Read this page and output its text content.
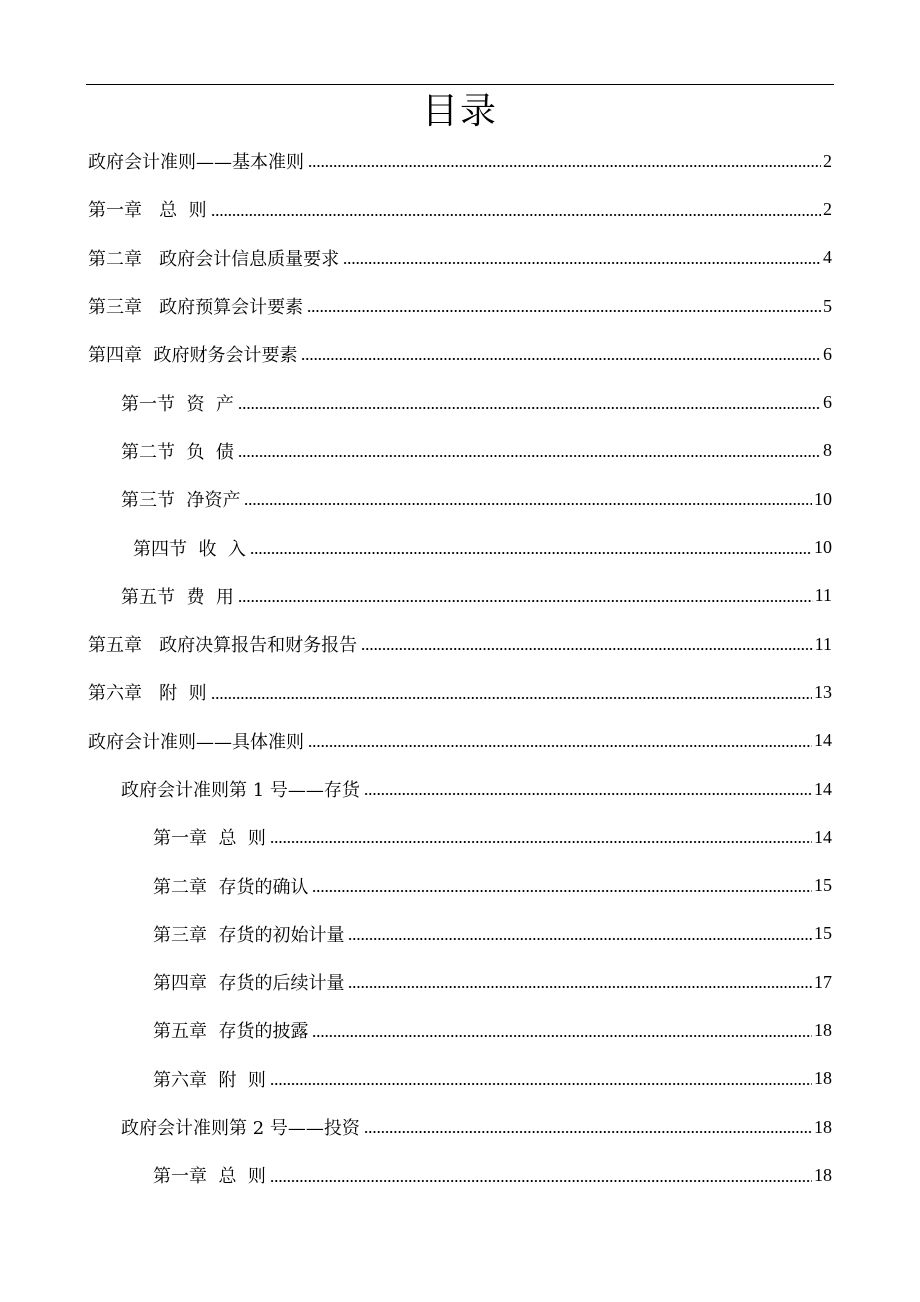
目录
政府会计准则——基本准则	2
第一章   总  则	2
第二章   政府会计信息质量要求	4
第三章   政府预算会计要素	5
第四章  政府财务会计要素	6
第一节  资  产	6
第二节  负  债	8
第三节  净资产	10
第四节  收  入	10
第五节  费  用	11
第五章   政府决算报告和财务报告	11
第六章   附  则	13
政府会计准则——具体准则	14
政府会计准则第 1 号——存货	14
第一章  总  则	14
第二章  存货的确认	15
第三章  存货的初始计量	15
第四章  存货的后续计量	17
第五章  存货的披露	18
第六章  附  则	18
政府会计准则第 2 号——投资	18
第一章  总  则	18
